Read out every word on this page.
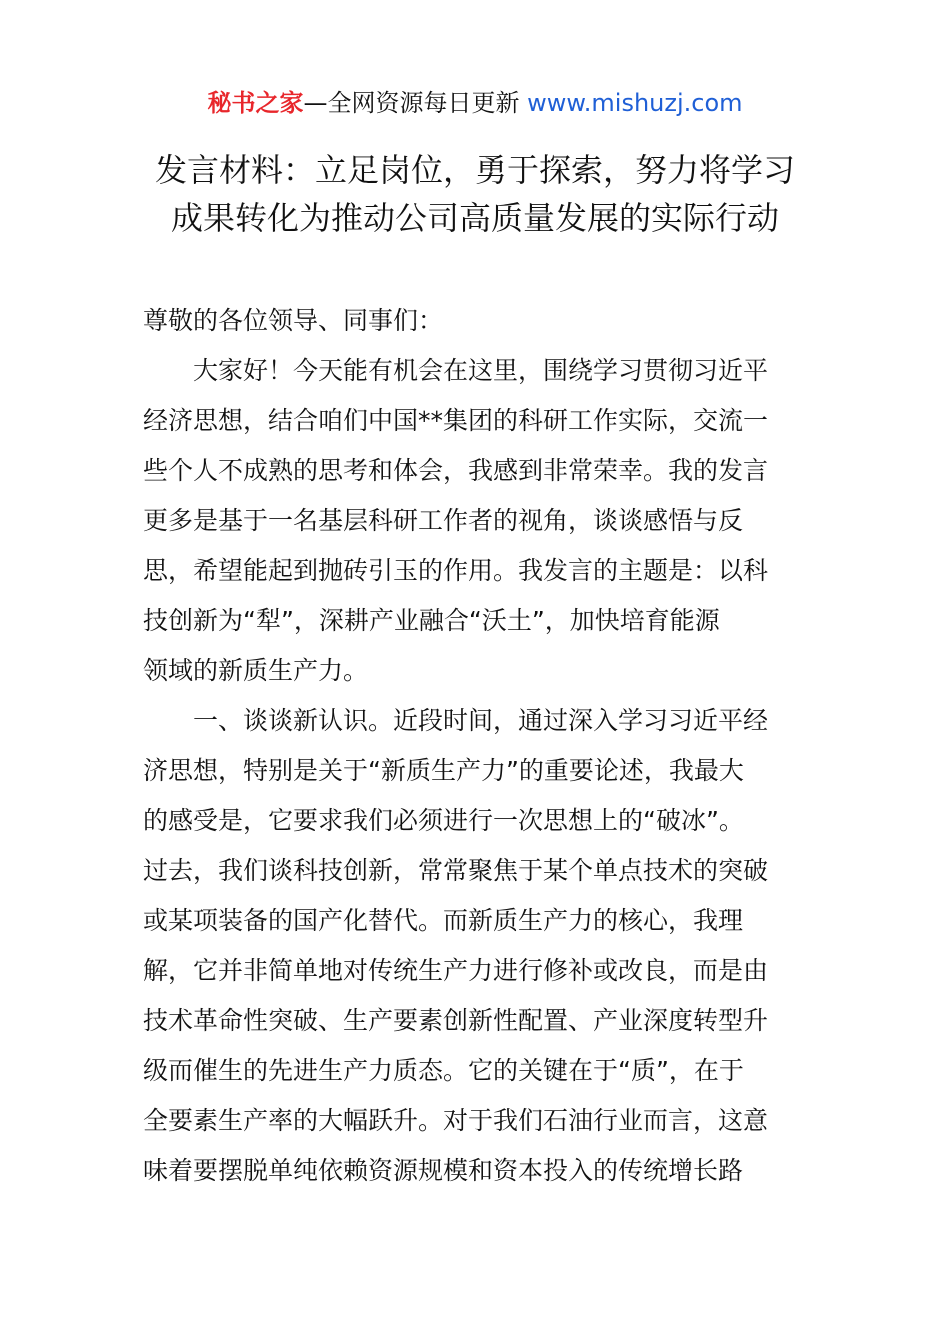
秘书之家—全网资源每日更新 www.mishuzj.com
发言材料：立足岗位，勇于探索，努力将学习
成果转化为推动公司高质量发展的实际行动
尊敬的各位领导、同事们：
　　大家好！今天能有机会在这里，围绕学习贯彻习近平
经济思想，结合咱们中国**集团的科研工作实际，交流一
些个人不成熟的思考和体会，我感到非常荣幸。我的发言
更多是基于一名基层科研工作者的视角，谈谈感悟与反
思，希望能起到抛砖引玉的作用。我发言的主题是：以科
技创新为“犁”，深耕产业融合“沃土”，加快培育能源
领域的新质生产力。
　　一、谈谈新认识。近段时间，通过深入学习习近平经
济思想，特别是关于“新质生产力”的重要论述，我最大
的感受是，它要求我们必须进行一次思想上的“破冰”。
过去，我们谈科技创新，常常聚焦于某个单点技术的突破
或某项装备的国产化替代。而新质生产力的核心，我理
解，它并非简单地对传统生产力进行修补或改良，而是由
技术革命性突破、生产要素创新性配置、产业深度转型升
级而催生的先进生产力质态。它的关键在于“质”，在于
全要素生产率的大幅跃升。对于我们石油行业而言，这意
味着要摆脱单纯依赖资源规模和资本投入的传统增长路
